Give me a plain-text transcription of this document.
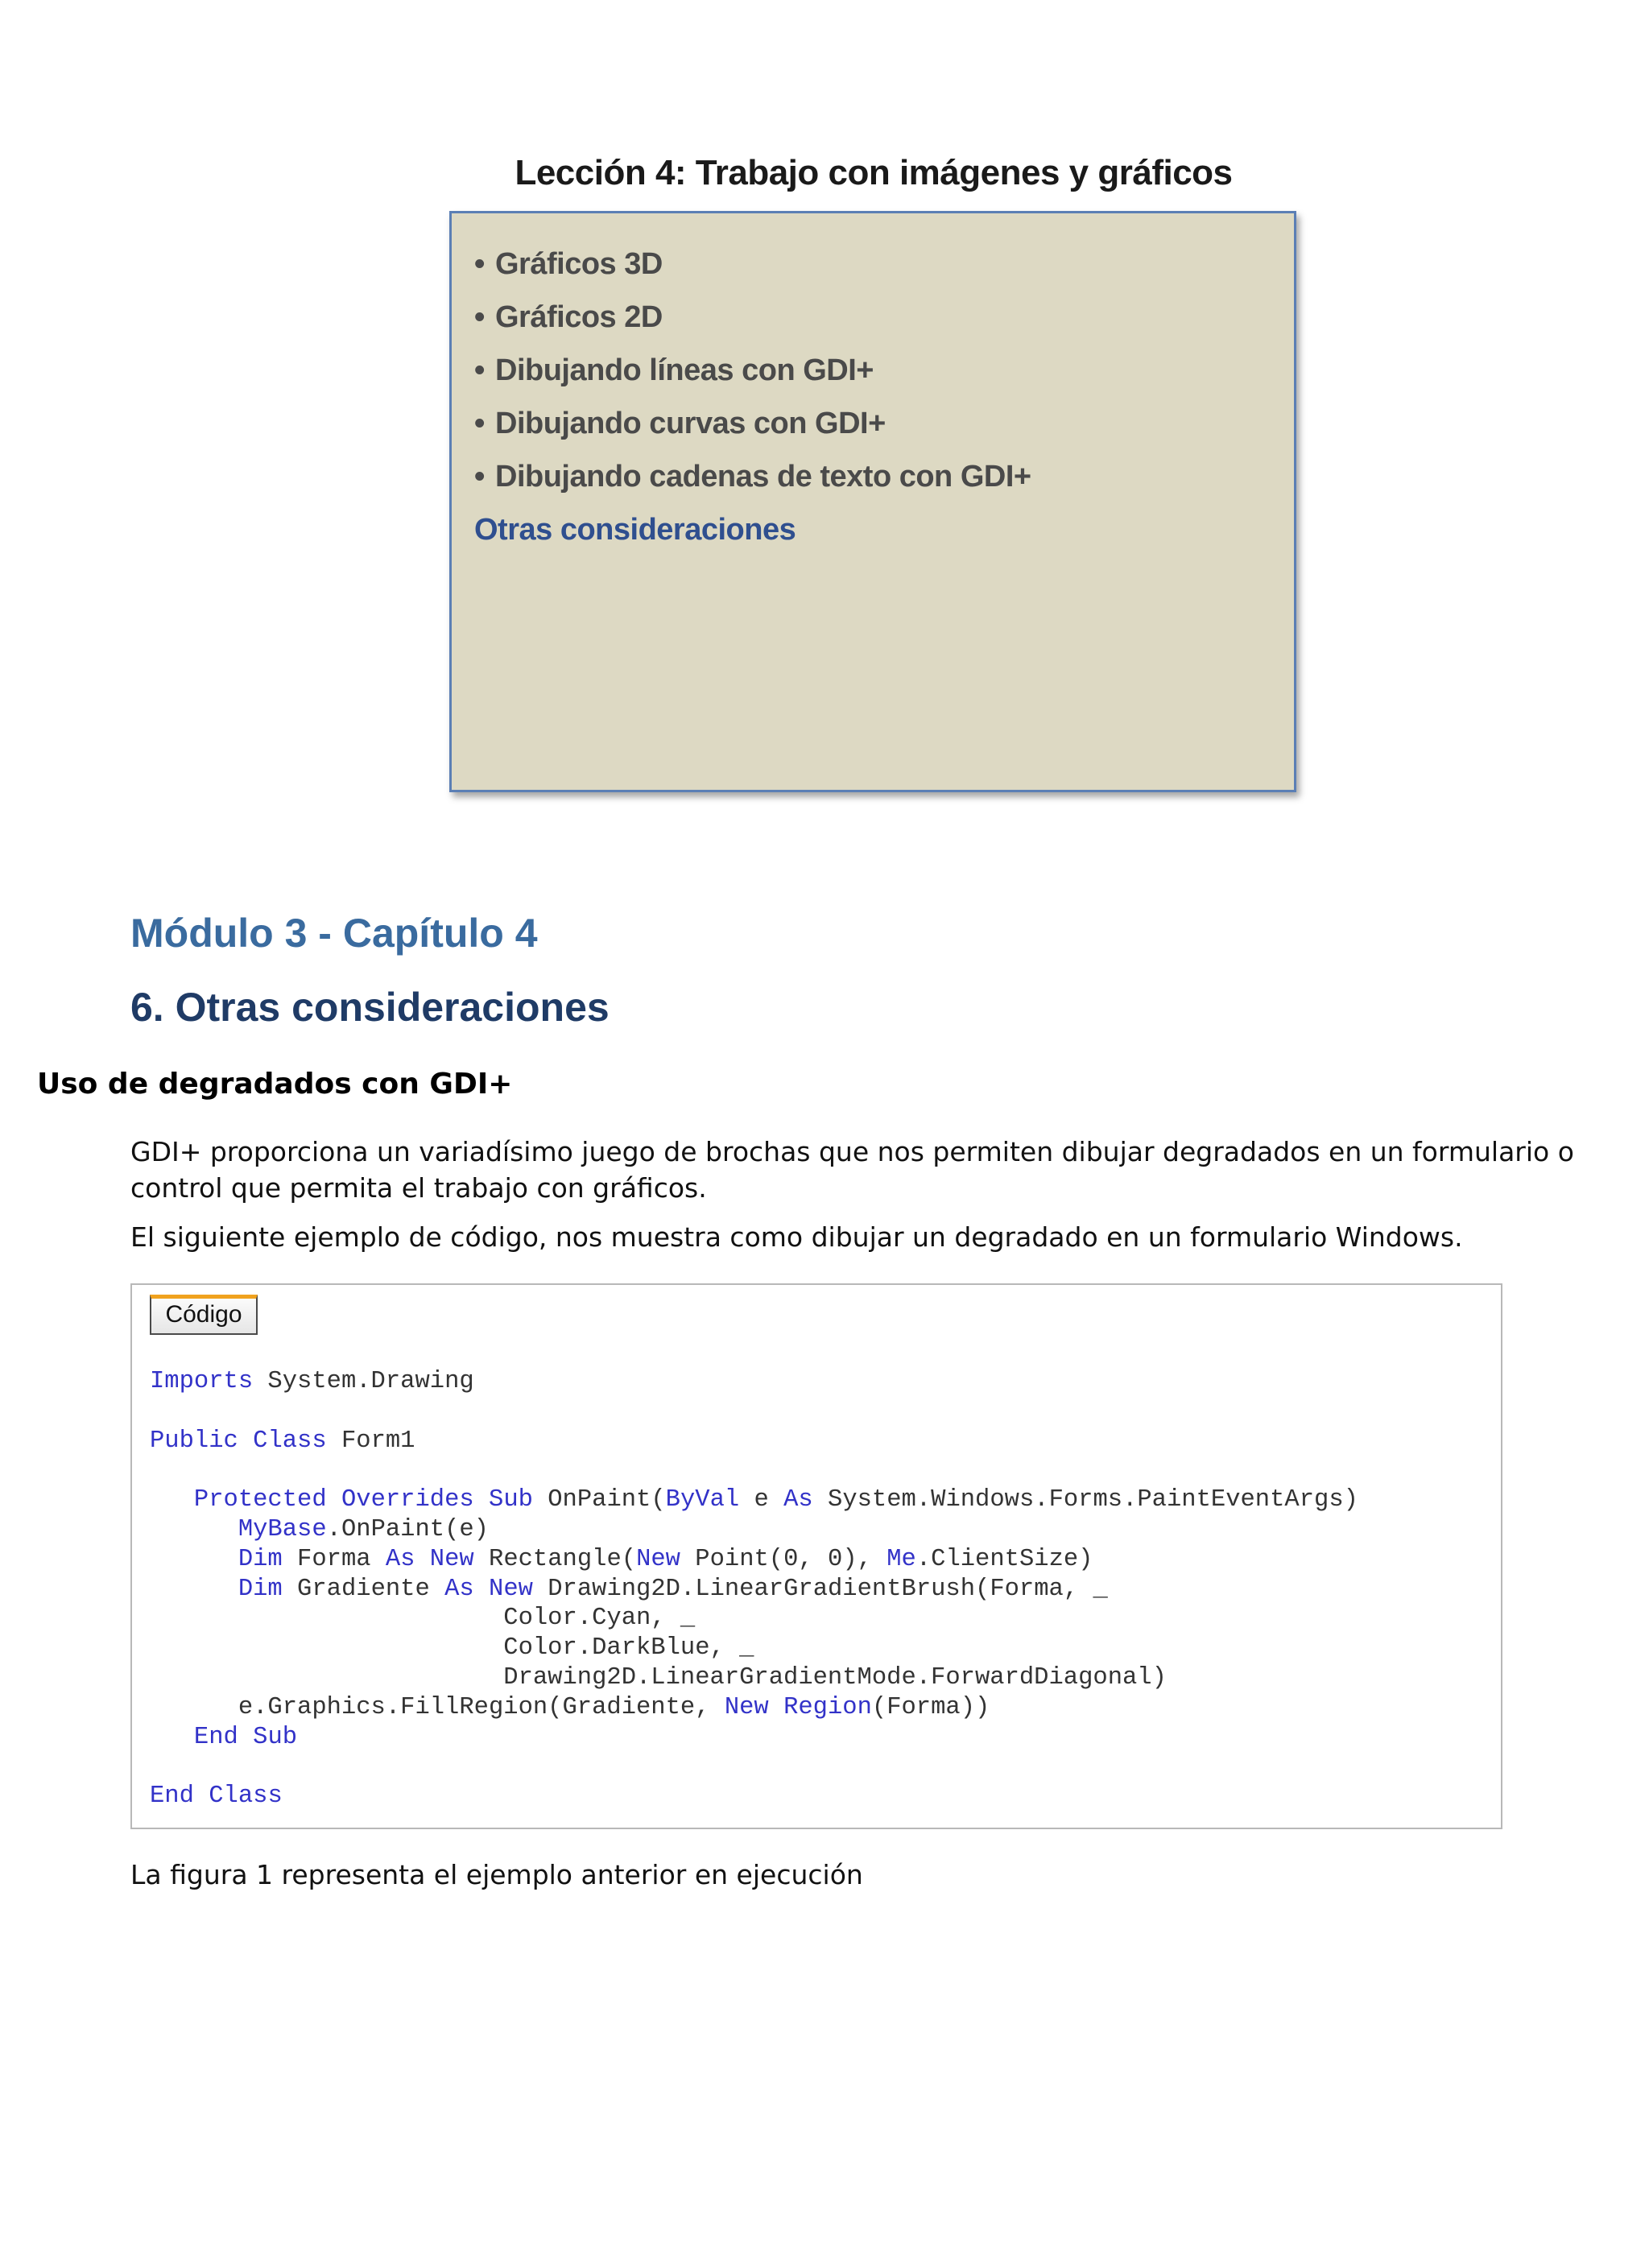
Lección 4: Trabajo con imágenes y gráficos
• Gráficos 3D
• Gráficos 2D
• Dibujando líneas con GDI+
• Dibujando curvas con GDI+
• Dibujando cadenas de texto con GDI+
Otras consideraciones
Módulo 3 - Capítulo 4
6. Otras consideraciones
Uso de degradados con GDI+

GDI+ proporciona un variadísimo juego de brochas que nos permiten dibujar degradados en un formulario o control que permita el trabajo con gráficos.

El siguiente ejemplo de código, nos muestra como dibujar un degradado en un formulario Windows.

Código
Imports System.Drawing

Public Class Form1

Protected Overrides Sub OnPaint(ByVal e As System.Windows.Forms.PaintEventArgs)
MyBase.OnPaint(e)
Dim Forma As New Rectangle(New Point(0, 0), Me.ClientSize)
Dim Gradiente As New Drawing2D.LinearGradientBrush(Forma, _
Color.Cyan, _
Color.DarkBlue, _
Drawing2D.LinearGradientMode.ForwardDiagonal)
e.Graphics.FillRegion(Gradiente, New Region(Forma))
End Sub

End Class

La figura 1 representa el ejemplo anterior en ejecución
